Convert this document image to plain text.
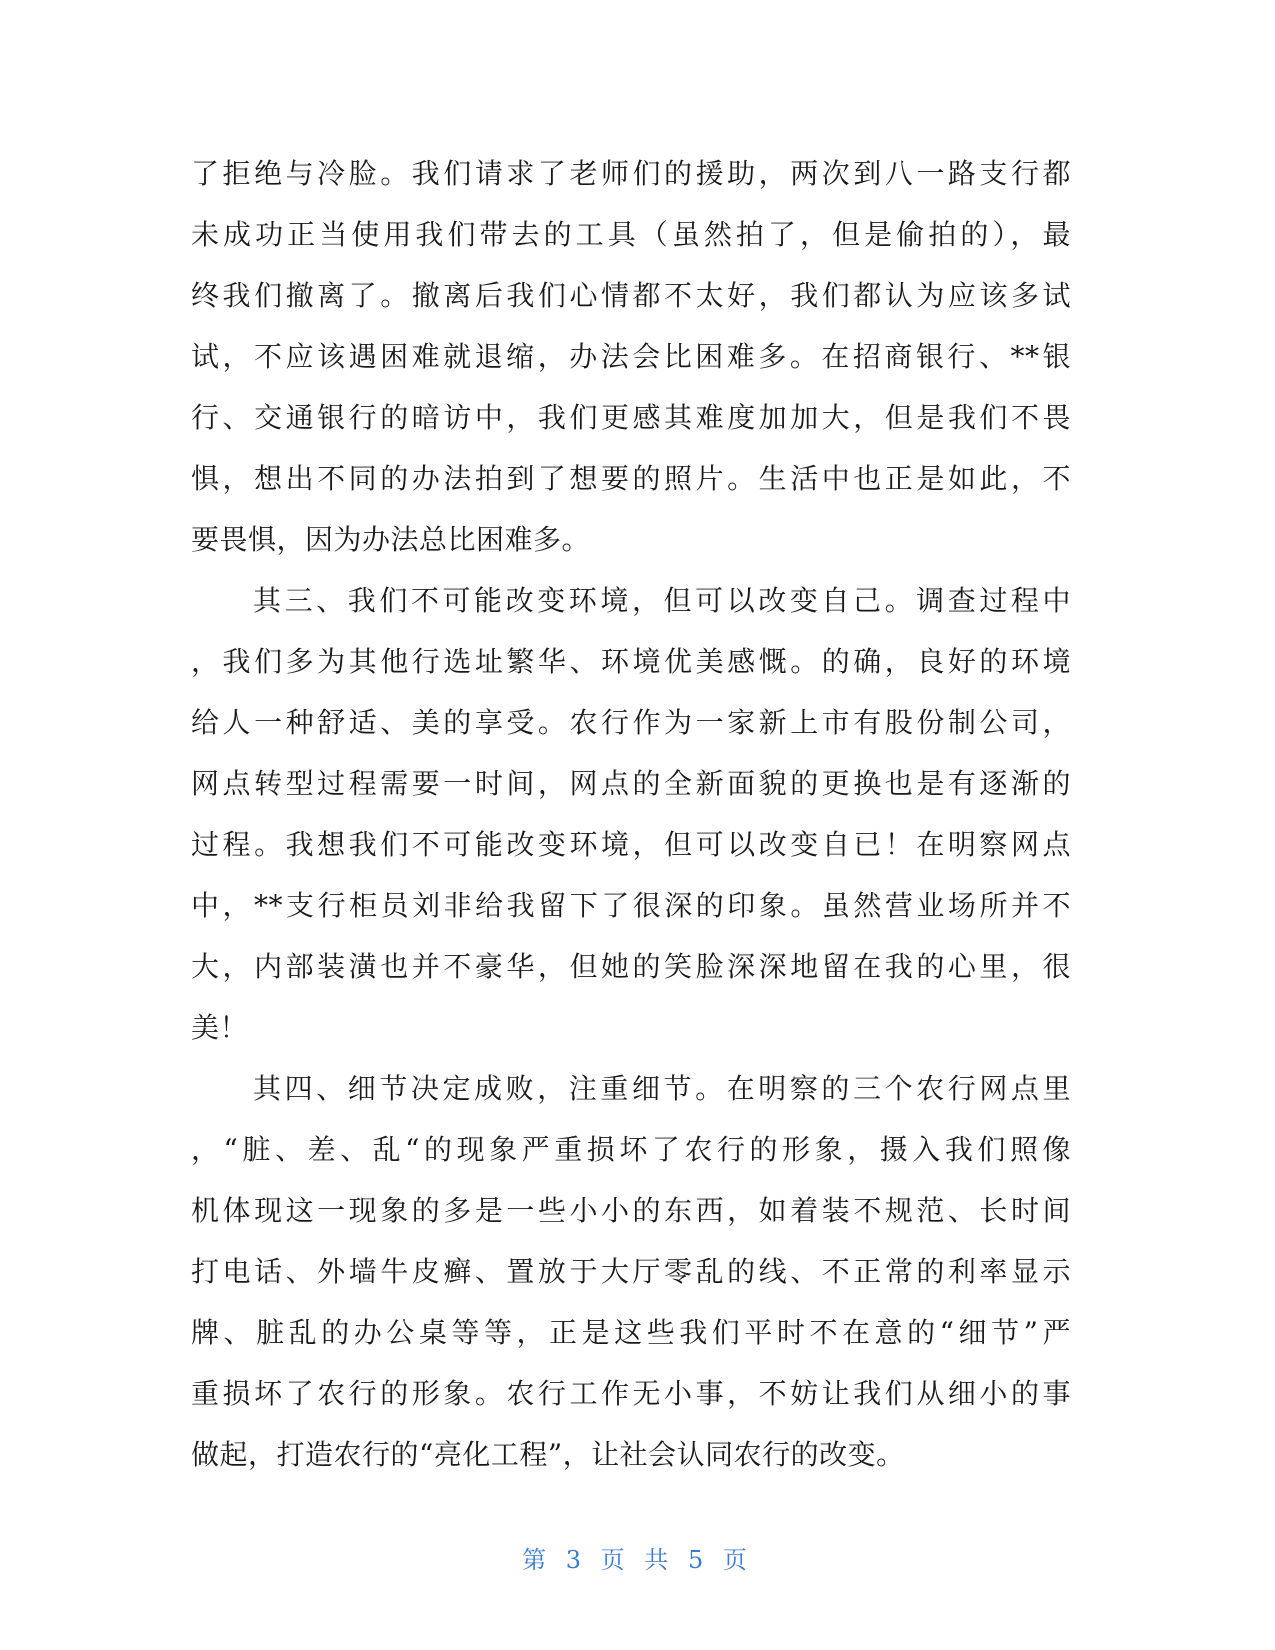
了拒绝与冷脸。我们请求了老师们的援助，两次到八一路支行都
未成功正当使用我们带去的工具（虽然拍了，但是偷拍的），最
终我们撤离了。撤离后我们心情都不太好，我们都认为应该多试
试，不应该遇困难就退缩，办法会比困难多。在招商银行、**银
行、交通银行的暗访中，我们更感其难度加加大，但是我们不畏
惧，想出不同的办法拍到了想要的照片。生活中也正是如此，不
要畏惧，因为办法总比困难多。
其三、我们不可能改变环境，但可以改变自己。调查过程中
，我们多为其他行选址繁华、环境优美感慨。的确，良好的环境
给人一种舒适、美的享受。农行作为一家新上市有股份制公司，
网点转型过程需要一时间，网点的全新面貌的更换也是有逐渐的
过程。我想我们不可能改变环境，但可以改变自已！在明察网点
中，**支行柜员刘非给我留下了很深的印象。虽然营业场所并不
大，内部装潢也并不豪华，但她的笑脸深深地留在我的心里，很
美！
其四、细节决定成败，注重细节。在明察的三个农行网点里
，“脏、差、乱“的现象严重损坏了农行的形象，摄入我们照像
机体现这一现象的多是一些小小的东西，如着装不规范、长时间
打电话、外墙牛皮癣、置放于大厅零乱的线、不正常的利率显示
牌、脏乱的办公桌等等，正是这些我们平时不在意的“细节”严
重损坏了农行的形象。农行工作无小事，不妨让我们从细小的事
做起，打造农行的“亮化工程”，让社会认同农行的改变。
第 3 页 共 5 页
